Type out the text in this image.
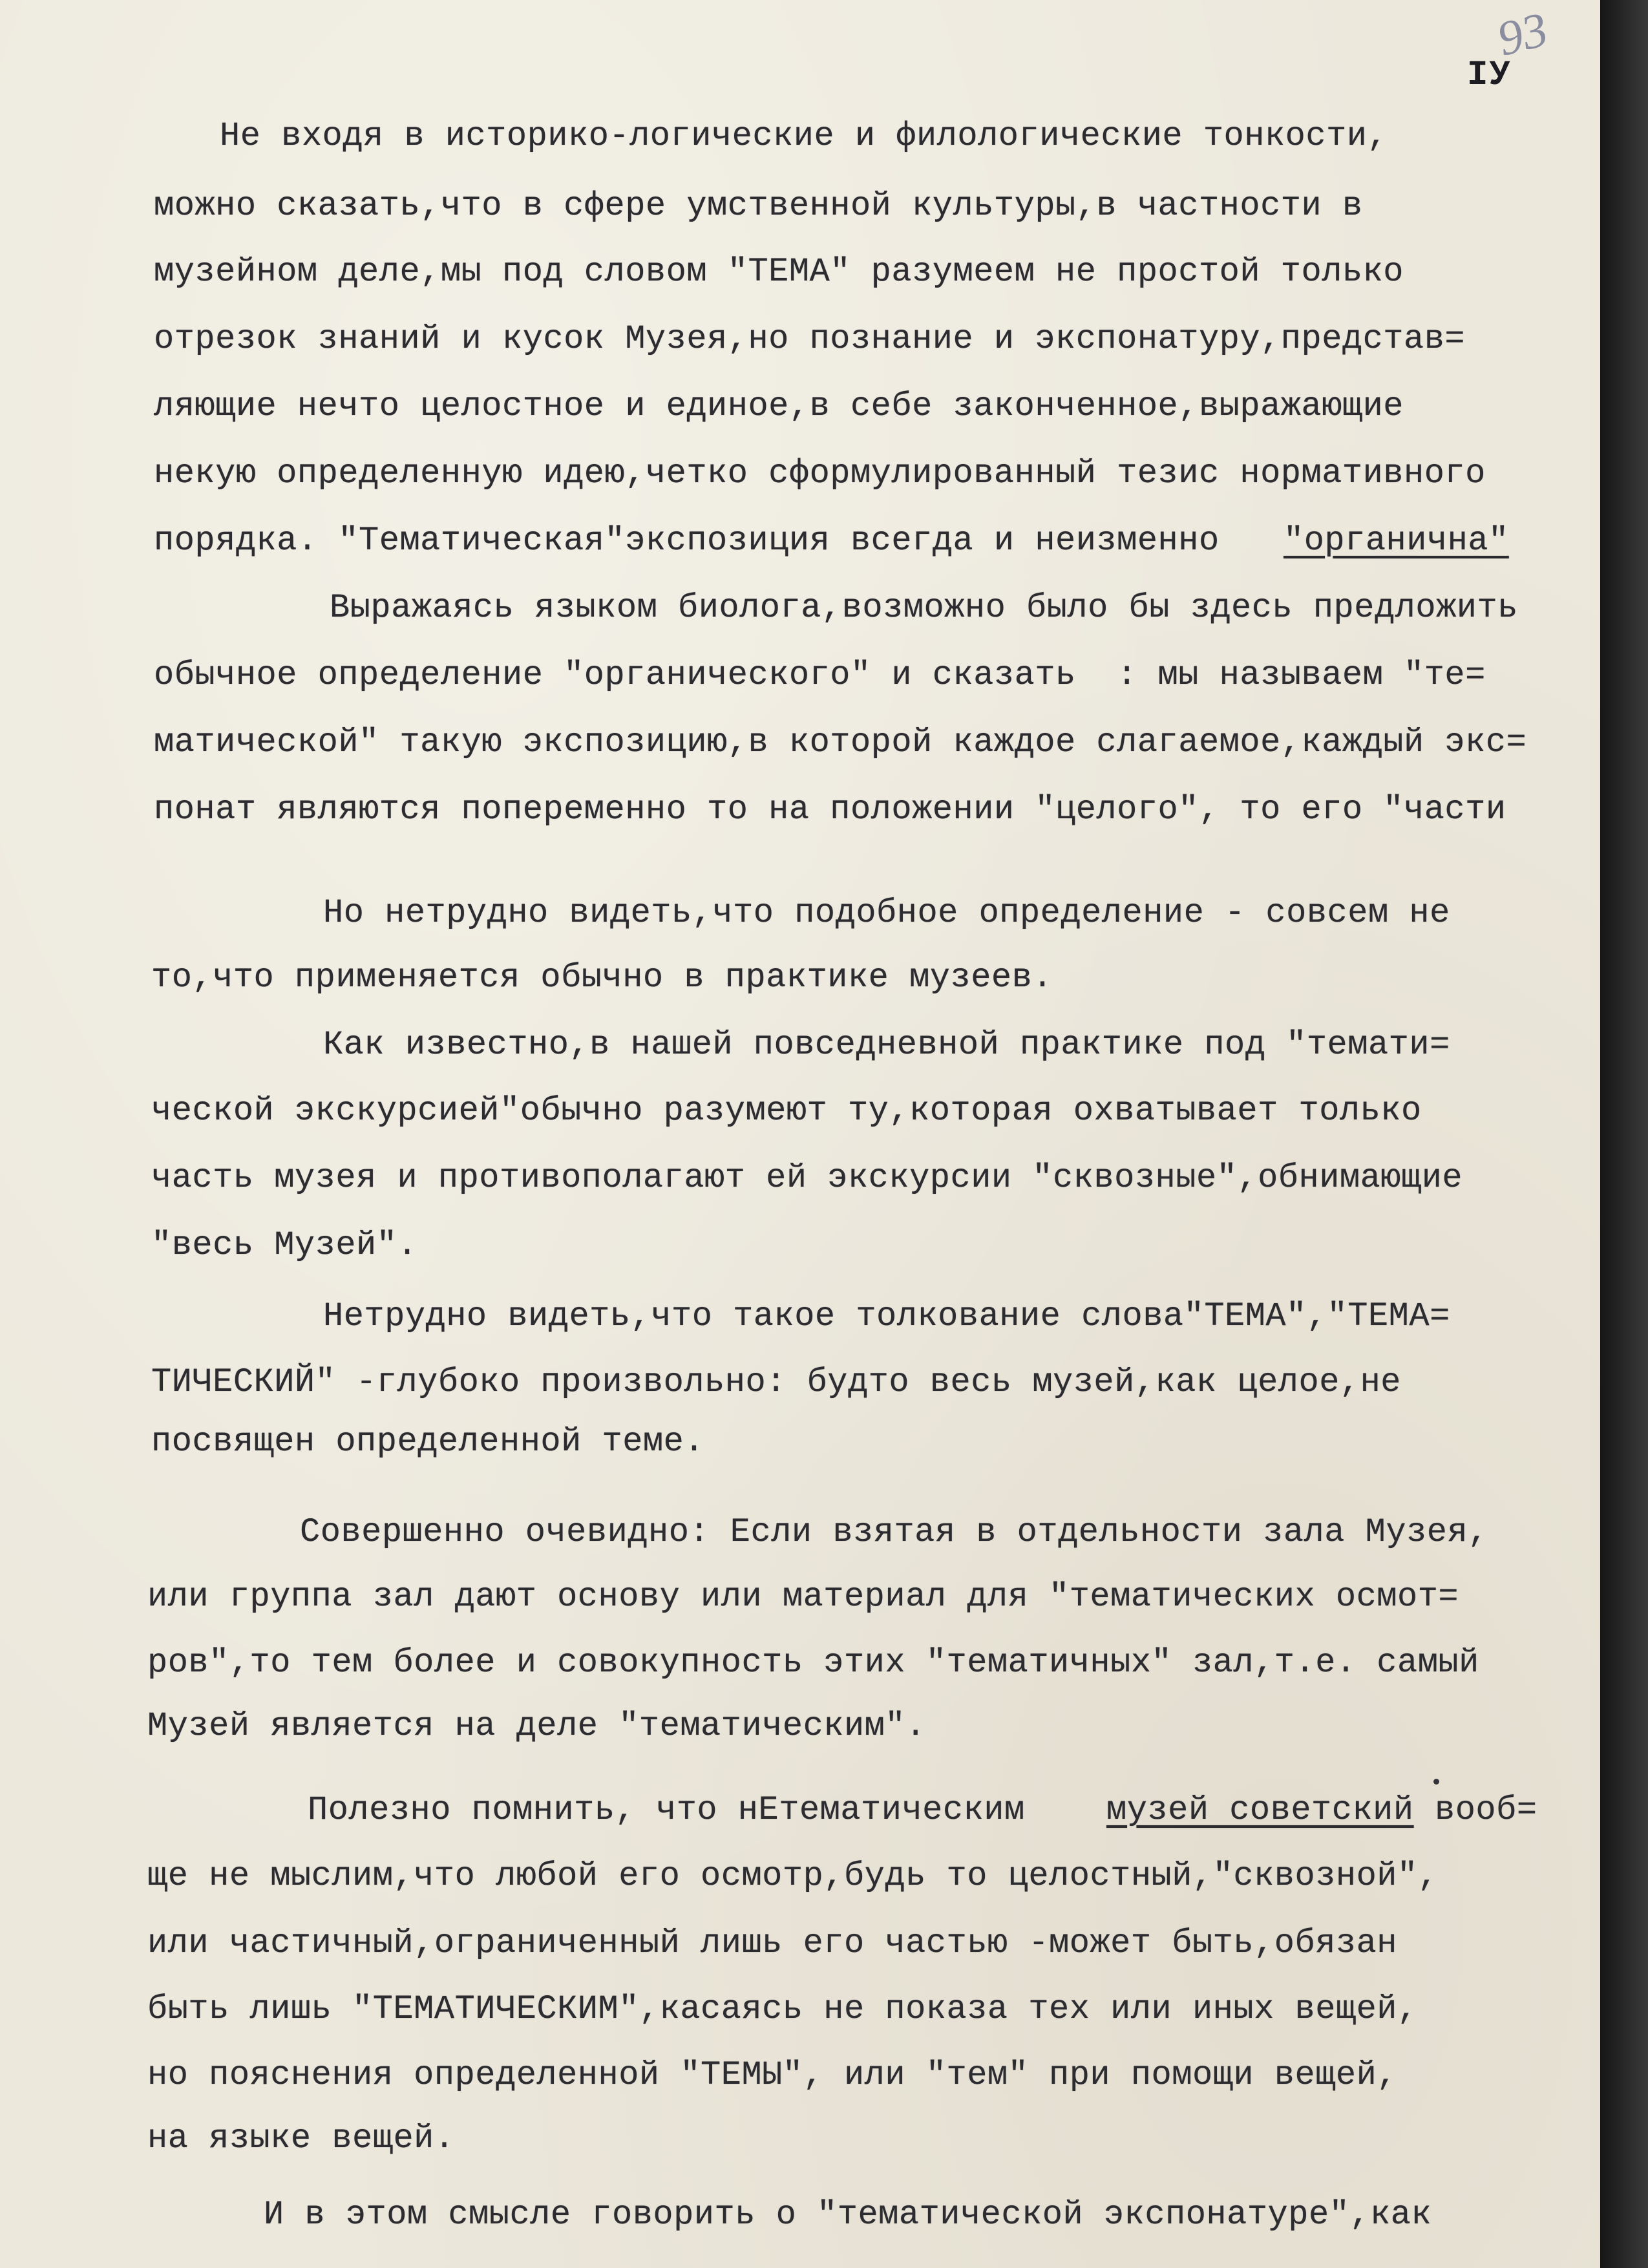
93
IУ
Не входя в историко-логические и филологические тонкости,
можно сказать,что в сфере умственной культуры,в частности в
музейном деле,мы под словом "ТЕМА" разумеем не простой только
отрезок знаний и кусок Музея,но познание и экспонатуру,представ=
ляющие нечто целостное и единое,в себе законченное,выражающие
некую определенную идею,четко сформулированный тезис нормативного
порядка. "Тематическая"экспозиция всегда и неизменно "органична"
Выражаясь языком биолога,возможно было бы здесь предложить
обычное определение "органического" и сказать  : мы называем "те=
матической" такую экспозицию,в которой каждое слагаемое,каждый экс=
понат являются попеременно то на положении "целого", то его "части
Но нетрудно видеть,что подобное определение - совсем не
то,что применяется обычно в практике музеев.
Как известно,в нашей повседневной практике под "темати=
ческой экскурсией"обычно разумеют ту,которая охватывает только
часть музея и противополагают ей экскурсии "сквозные",обнимающие
"весь Музей".
Нетрудно видеть,что такое толкование слова"ТЕМА","ТЕМА=
ТИЧЕСКИЙ" -глубоко произвольно: будто весь музей,как целое,не
посвящен определенной теме.
Совершенно очевидно: Если взятая в отдельности зала Музея,
или группа зал дают основу или материал для "тематических осмот=
ров",то тем более и совокупность этих "тематичных" зал,т.е. самый
Музей является на деле "тематическим".
Полезно помнить, что нЕтематическим музей советский вооб=
ще не мыслим,что любой его осмотр,будь то целостный,"сквозной",
или частичный,ограниченный лишь его частью -может быть,обязан
быть лишь "ТЕМАТИЧЕСКИМ",касаясь не показа тех или иных вещей,
но пояснения определенной "ТЕМЫ", или "тем" при помощи вещей,
на языке вещей.
И в этом смысле говорить о "тематической экспонатуре",как
